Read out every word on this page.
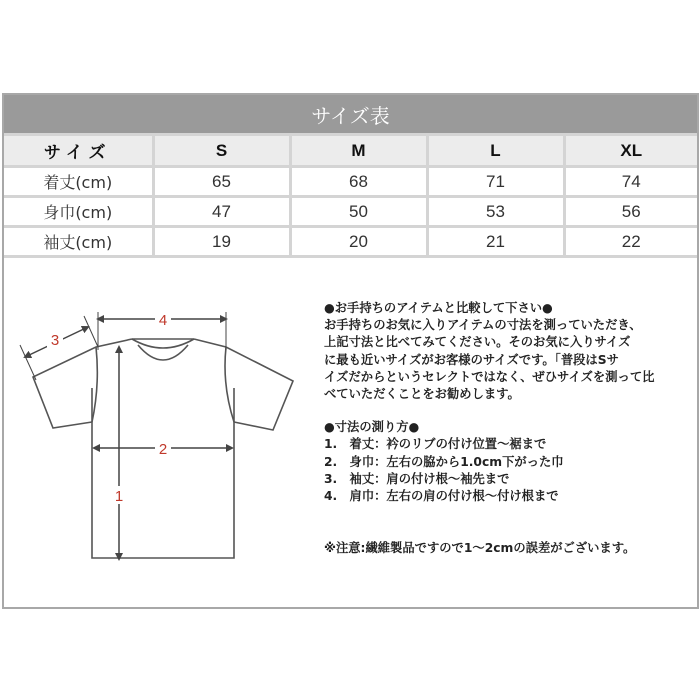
サイズ表
サイズ	S	M	L	XL
着丈(cm)	65	68	71	74
身巾(cm)	47	50	53	56
袖丈(cm)	19	20	21	22
4
3
2
1

●お手持ちのアイテムと比較して下さい●

お手持ちのお気に入りアイテムの寸法を測っていただき、

上記寸法と比べてみてください。そのお気に入りサイズ

に最も近いサイズがお客様のサイズです。「普段はSサ

イズだからというセレクトではなく、ぜひサイズを測って比

べていただくことをお勧めします。

●寸法の測り方●

1.　着丈：衿のリブの付け位置～裾まで

2.　身巾：左右の脇から1.0cm下がった巾

3.　袖丈：肩の付け根～袖先まで

4.　肩巾：左右の肩の付け根～付け根まで

※注意:繊維製品ですので1～2cmの誤差がございます。
